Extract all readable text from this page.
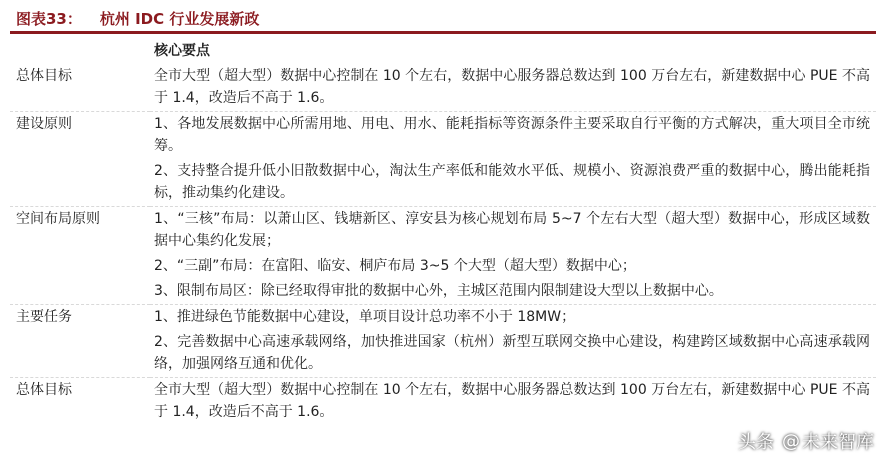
图表33： 杭州 IDC 行业发展新政
	核心要点
总体目标	全市大型（超大型）数据中心控制在 10 个左右，数据中心服务器总数达到 100 万台左右，新建数据中心 PUE 不高于 1.4，改造后不高于 1.6。

建设原则	1、各地发展数据中心所需用地、用电、用水、能耗指标等资源条件主要采取自行平衡的方式解决，重大项目全市统筹。

2、支持整合提升低小旧散数据中心，淘汰生产率低和能效水平低、规模小、资源浪费严重的数据中心，腾出能耗指标，推动集约化建设。

空间布局原则	1、“三核”布局：以萧山区、钱塘新区、淳安县为核心规划布局 5~7 个左右大型（超大型）数据中心，形成区域数据中心集约化发展；

2、“三副”布局：在富阳、临安、桐庐布局 3~5 个大型（超大型）数据中心；

3、限制布局区：除已经取得审批的数据中心外，主城区范围内限制建设大型以上数据中心。

主要任务	1、推进绿色节能数据中心建设，单项目设计总功率不小于 18MW；

2、完善数据中心高速承载网络，加快推进国家（杭州）新型互联网交换中心建设，构建跨区域数据中心高速承载网络，加强网络互通和优化。

总体目标	全市大型（超大型）数据中心控制在 10 个左右，数据中心服务器总数达到 100 万台左右，新建数据中心 PUE 不高于 1.4，改造后不高于 1.6。

头条 @ 未来智库
